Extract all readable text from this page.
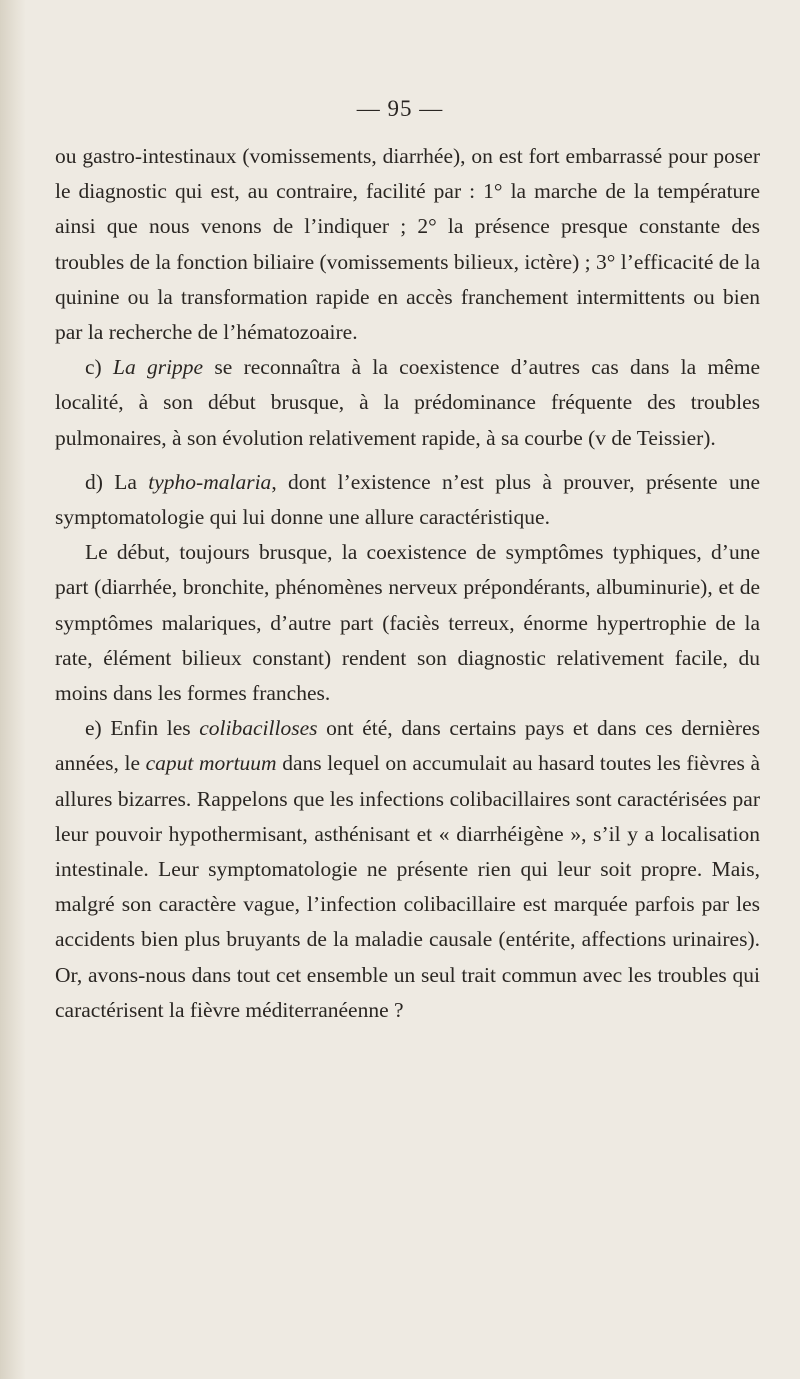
— 95 —

ou gastro-intestinaux (vomissements, diarrhée), on est fort embarrassé pour poser le diagnostic qui est, au contraire, facilité par : 1° la marche de la température ainsi que nous venons de l’indiquer ; 2° la présence presque constante des troubles de la fonction biliaire (vomissements bilieux, ictère) ; 3° l’efficacité de la quinine ou la transformation rapide en accès franchement intermittents ou bien par la recherche de l’hématozoaire.

c) La grippe se reconnaîtra à la coexistence d’autres cas dans la même localité, à son début brusque, à la prédominance fréquente des troubles pulmonaires, à son évolution relativement rapide, à sa courbe (v de Teissier).

d) La typho-malaria, dont l’existence n’est plus à prouver, présente une symptomatologie qui lui donne une allure caractéristique.

Le début, toujours brusque, la coexistence de symptômes typhiques, d’une part (diarrhée, bronchite, phénomènes nerveux prépondérants, albuminurie), et de symptômes malariques, d’autre part (faciès terreux, énorme hypertrophie de la rate, élément bilieux constant) rendent son diagnostic relativement facile, du moins dans les formes franches.

e) Enfin les colibacilloses ont été, dans certains pays et dans ces dernières années, le caput mortuum dans lequel on accumulait au hasard toutes les fièvres à allures bizarres. Rappelons que les infections colibacillaires sont caractérisées par leur pouvoir hypothermisant, asthénisant et « diarrhéigène », s’il y a localisation intestinale. Leur symptomatologie ne présente rien qui leur soit propre. Mais, malgré son caractère vague, l’infection colibacillaire est marquée parfois par les accidents bien plus bruyants de la maladie causale (entérite, affections urinaires). Or, avons-nous dans tout cet ensemble un seul trait commun avec les troubles qui caractérisent la fièvre méditerranéenne ?
